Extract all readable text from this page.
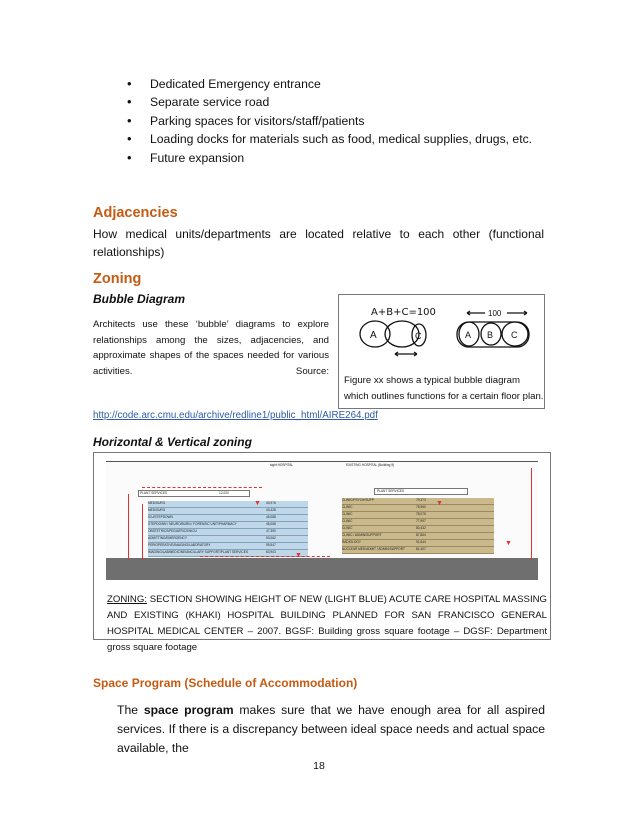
• Dedicated Emergency entrance
• Separate service road
• Parking spaces for visitors/staff/patients
• Loading docks for materials such as food, medical supplies, drugs, etc.
• Future expansion
Adjacencies

How medical units/departments are located relative to each other (functional relationships)

Zoning

Bubble Diagram

Architects use these ‘bubble’ diagrams to explore relationships among the sizes, adjacencies, and approximate shapes of the spaces needed for various activities.	Source:

A+B+C=100
A	C	A B C
100
Figure xx shows a typical bubble diagram which outlines functions for a certain floor plan.
http://code.arc.cmu.edu/archive/redline1/public_html/AIRE264.pdf

Horizontal & Vertical zoning

sight HOSPITAL	EXISTING HOSPITAL (Building 5)
PLANT SERVICES	12,000	PLANT SERVICES
MED/SURG	43,976
MED/SURG	43,428
ICU/STEPDOWN	45,088
STEPDOWN / NEURO/BURN / FORENSIC UNIT/PHARMACY	45,068
OBSTETRICS/PEDIATRICS/NICU	47,390
ADMITTING/EMERGENCY	53,062
PERIOPERATIVE/IMAGING/LABORATORY	59,547
IMAGING/LAB/MEDICINE/ANCILLARY SUPPORT/PLANT SERVICES	60,903
CLINIC/PSYCH/SUPP	79,373
CLINIC	75,960
CLINIC	78,075
CLINIC	77,997
CLINIC	80,432
CLINIC / ADMIN/SUPPORT	87,864
RADIOLOGY	91,644
NUCLEAR MED/ADMIT / ADMIN/SUPPORT	81,407
▼
▼
▼
▼

ZONING: SECTION SHOWING HEIGHT OF NEW (LIGHT BLUE) ACUTE CARE HOSPITAL MASSING AND EXISTING (KHAKI) HOSPITAL BUILDING PLANNED FOR SAN FRANCISCO GENERAL HOSPITAL MEDICAL CENTER – 2007. BGSF: Building gross square footage – DGSF: Department gross square footage

Space Program (Schedule of Accommodation)

The space program makes sure that we have enough area for all aspired services. If there is a discrepancy between ideal space needs and actual space available, the

18
